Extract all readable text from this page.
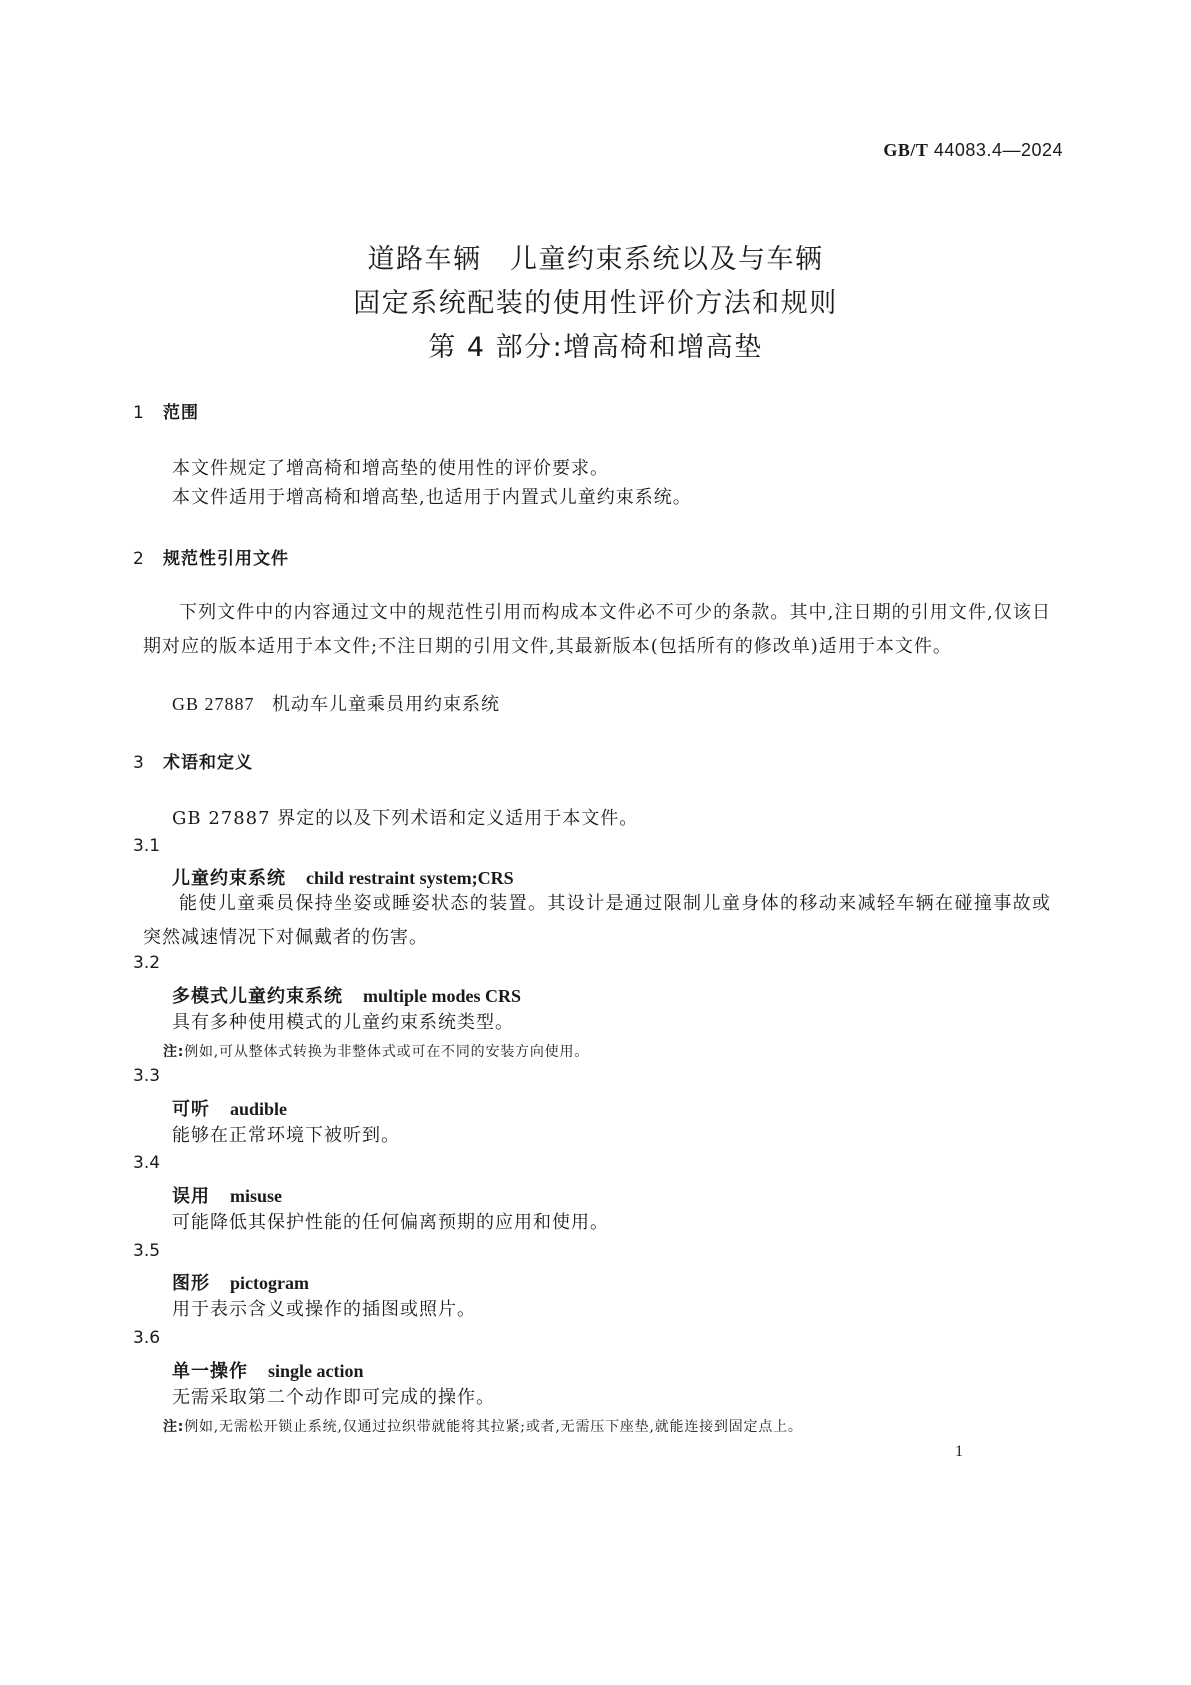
GB/T 44083.4—2024
道路车辆　儿童约束系统以及与车辆
固定系统配装的使用性评价方法和规则
第 4 部分:增高椅和增高垫
1 范围
本文件规定了增高椅和增高垫的使用性的评价要求。
本文件适用于增高椅和增高垫,也适用于内置式儿童约束系统。
2 规范性引用文件
下列文件中的内容通过文中的规范性引用而构成本文件必不可少的条款。其中,注日期的引用文件,仅该日期对应的版本适用于本文件;不注日期的引用文件,其最新版本(包括所有的修改单)适用于本文件。
GB 27887 机动车儿童乘员用约束系统
3 术语和定义
GB 27887 界定的以及下列术语和定义适用于本文件。
3.1
儿童约束系统 child restraint system;CRS
能使儿童乘员保持坐姿或睡姿状态的装置。其设计是通过限制儿童身体的移动来减轻车辆在碰撞事故或突然减速情况下对佩戴者的伤害。
3.2
多模式儿童约束系统 multiple modes CRS
具有多种使用模式的儿童约束系统类型。
注:例如,可从整体式转换为非整体式或可在不同的安装方向使用。
3.3
可听 audible
能够在正常环境下被听到。
3.4
误用 misuse
可能降低其保护性能的任何偏离预期的应用和使用。
3.5
图形 pictogram
用于表示含义或操作的插图或照片。
3.6
单一操作 single action
无需采取第二个动作即可完成的操作。
注:例如,无需松开锁止系统,仅通过拉织带就能将其拉紧;或者,无需压下座垫,就能连接到固定点上。
1
